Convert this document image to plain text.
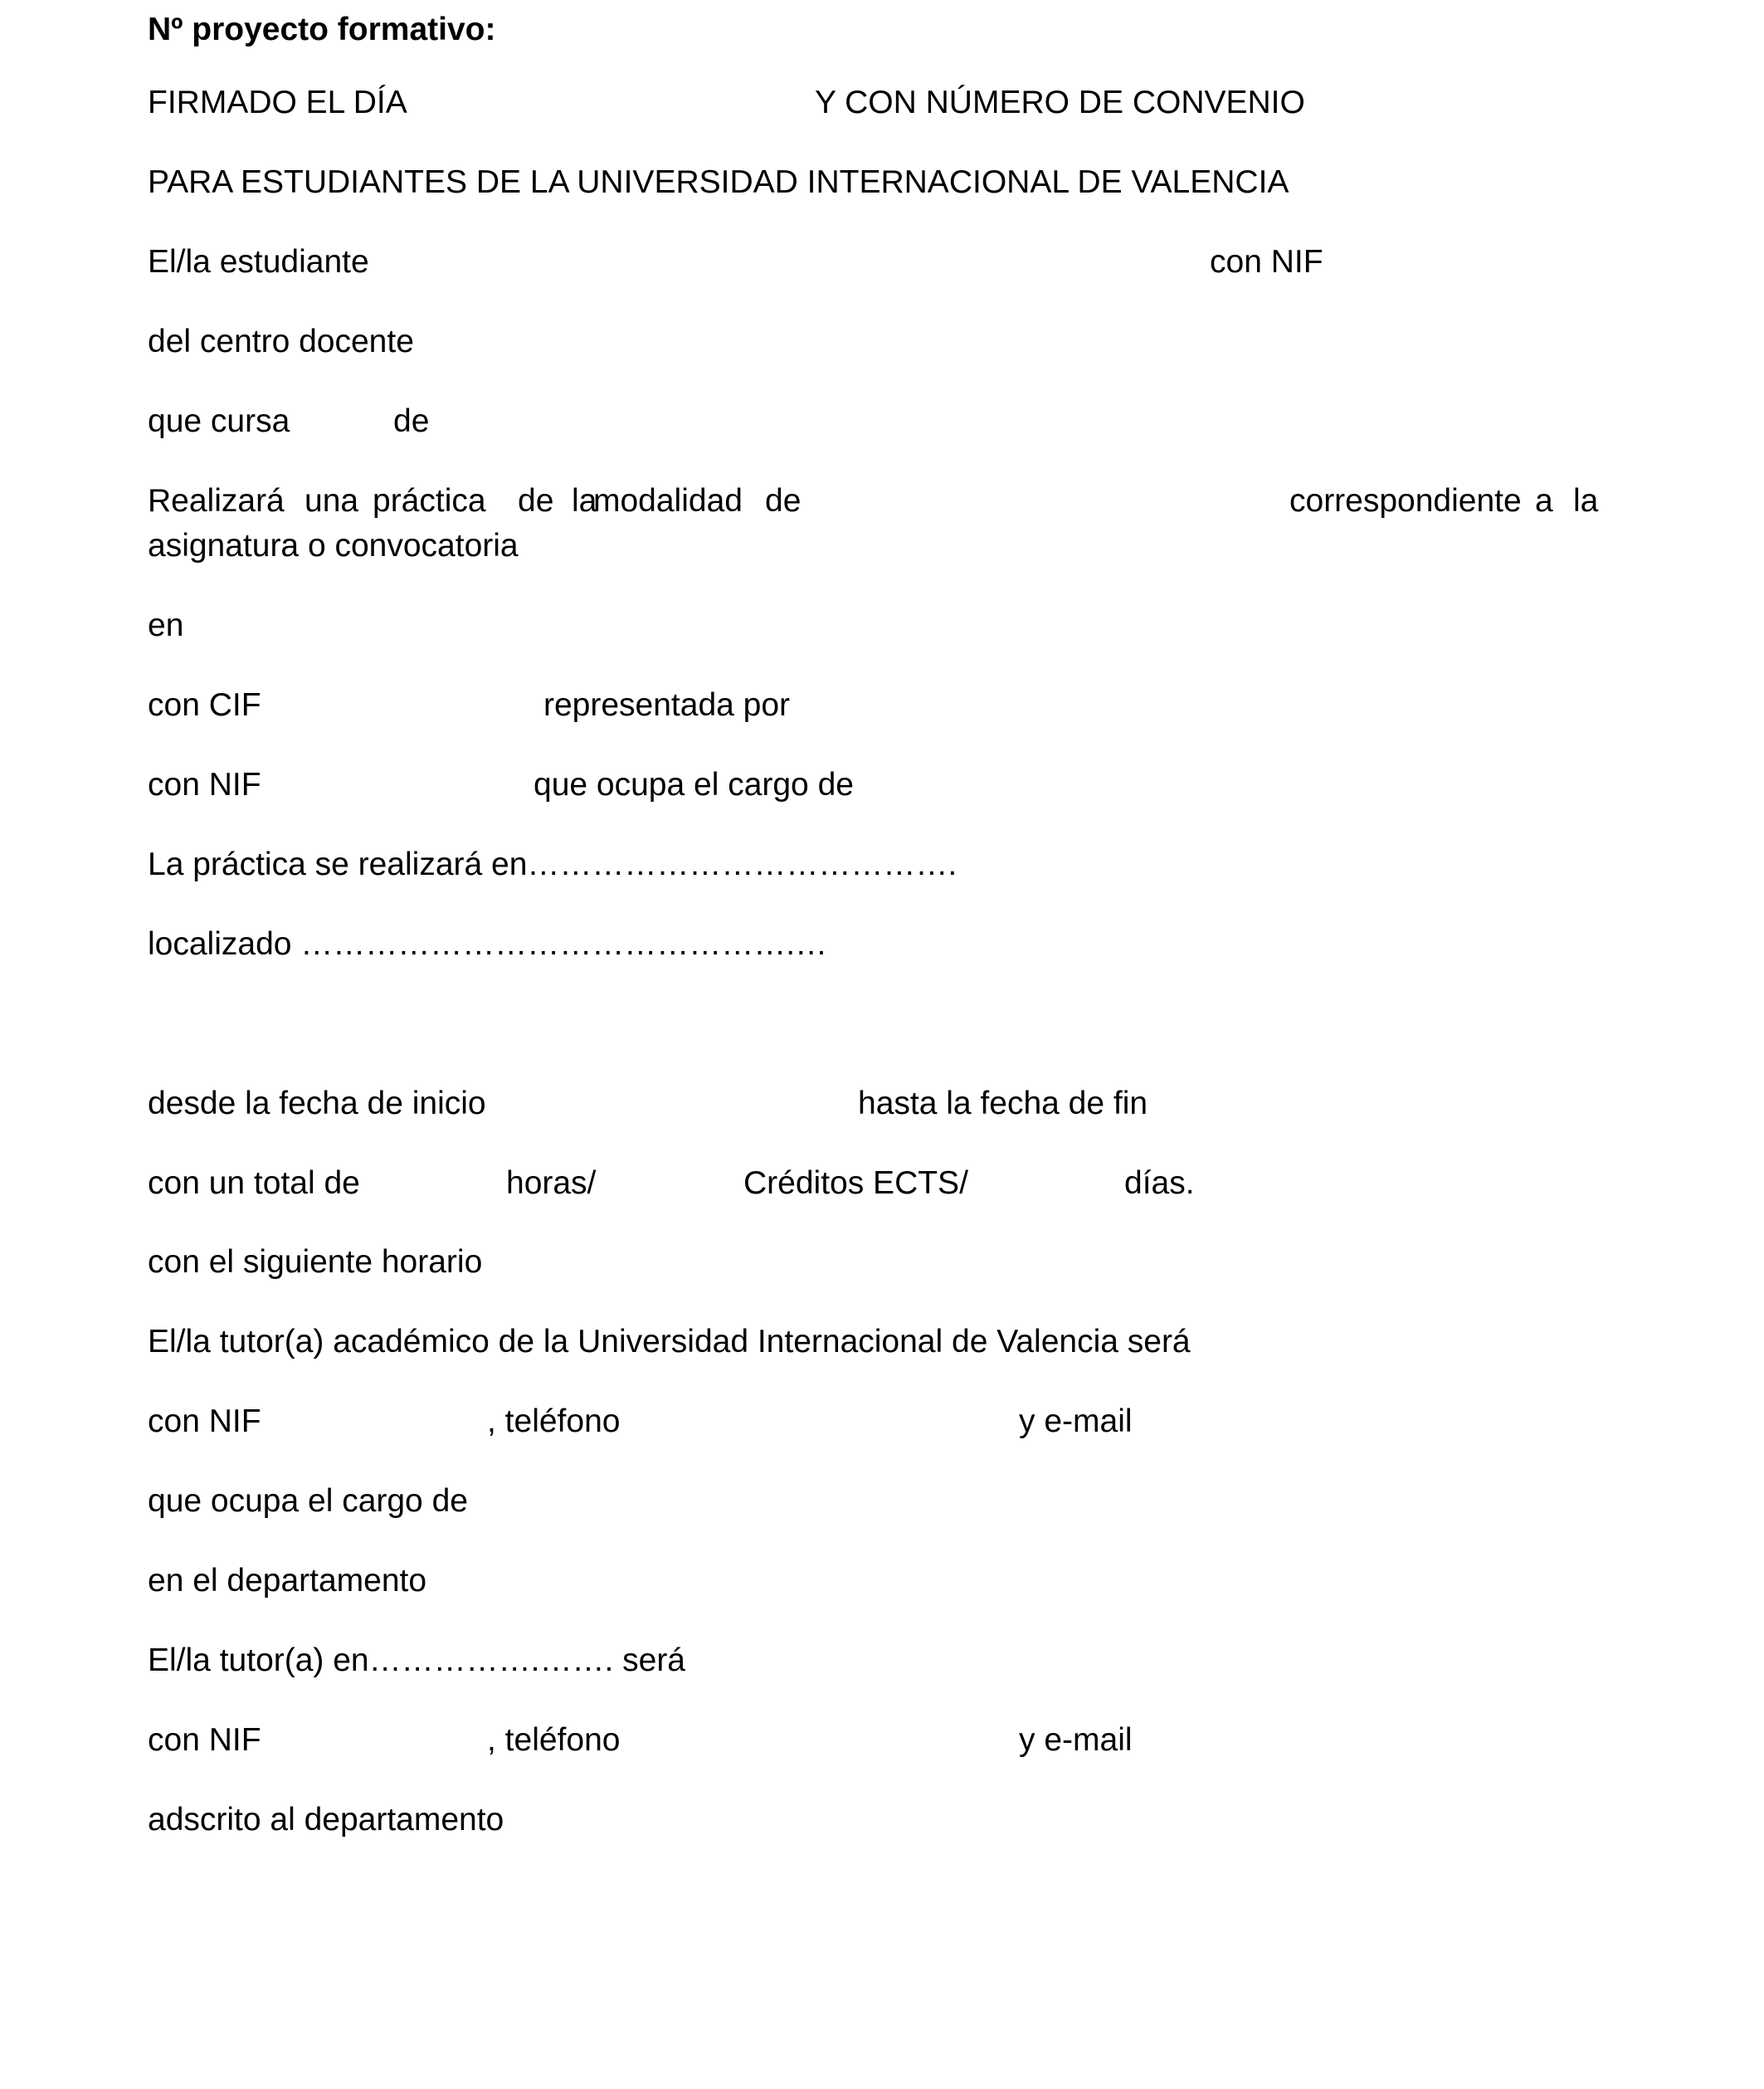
Nº proyecto formativo:
FIRMADO EL DÍA	Y CON NÚMERO DE CONVENIO
PARA ESTUDIANTES DE LA UNIVERSIDAD INTERNACIONAL DE VALENCIA
El/la estudiante	con NIF
del centro docente
que cursa	de
Realizará una práctica de la
modalidad de	correspondiente a la
asignatura o convocatoria
en
con CIF	representada por
con NIF	que ocupa el cargo de
La práctica se realizará en………………………………….
localizado ……………………………………….…
desde la fecha de inicio	hasta la fecha de fin
con un total de	horas/	Créditos ECTS/	días.
con el siguiente horario
El/la tutor(a) académico de la Universidad Internacional de Valencia será
con NIF	, teléfono	y e-mail
que ocupa el cargo de
en el departamento
El/la tutor(a) en…………….……. será
con NIF	, teléfono	y e-mail
adscrito al departamento
